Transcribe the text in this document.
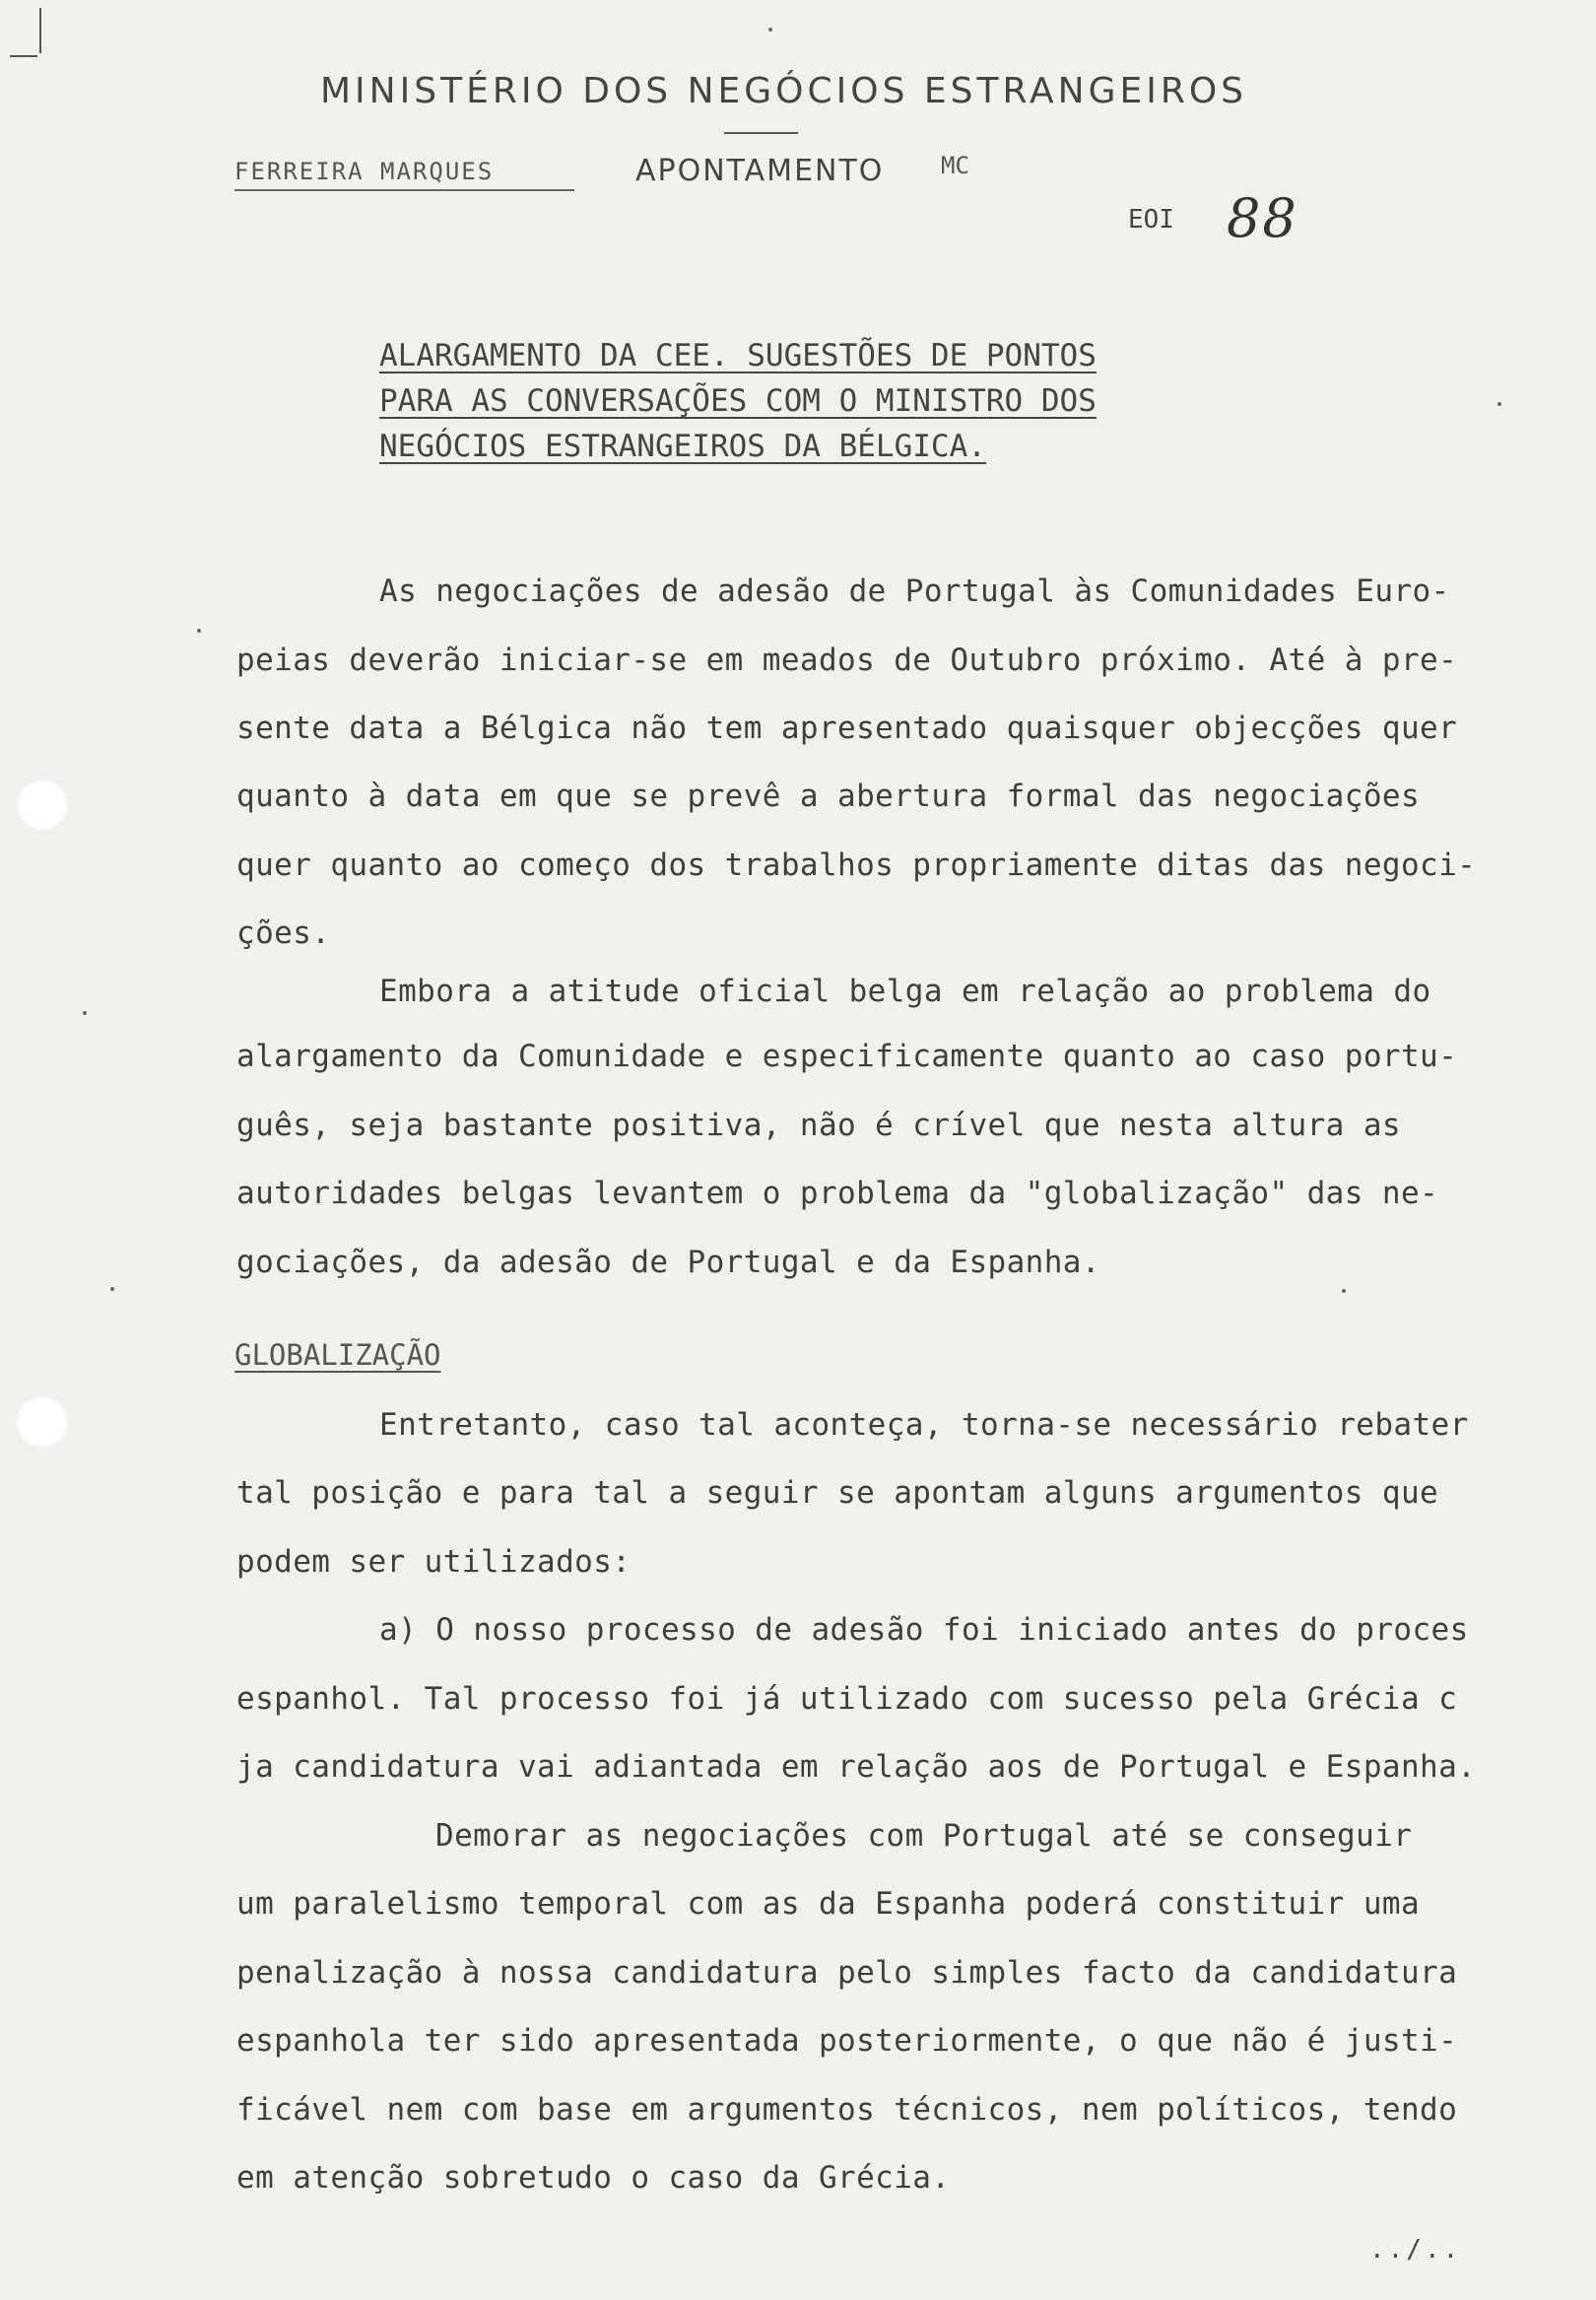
MINISTÉRIO DOS NEGÓCIOS ESTRANGEIROS
FERREIRA MARQUES	APONTAMENTO MC
EOI 88
ALARGAMENTO DA CEE. SUGESTÕES DE PONTOS
PARA AS CONVERSAÇÕES COM O MINISTRO DOS
NEGÓCIOS ESTRANGEIROS DA BÉLGICA.
As negociações de adesão de Portugal às Comunidades Euro-
peias deverão iniciar-se em meados de Outubro próximo. Até à pre-
sente data a Bélgica não tem apresentado quaisquer objecções quer
quanto à data em que se prevê a abertura formal das negociações
quer quanto ao começo dos trabalhos propriamente ditas das negoci-
ções.
Embora a atitude oficial belga em relação ao problema do
alargamento da Comunidade e especificamente quanto ao caso portu-
guês, seja bastante positiva, não é crível que nesta altura as
autoridades belgas levantem o problema da "globalização" das ne-
gociações, da adesão de Portugal e da Espanha.
GLOBALIZAÇÃO
Entretanto, caso tal aconteça, torna-se necessário rebater
tal posição e para tal a seguir se apontam alguns argumentos que
podem ser utilizados:
a) O nosso processo de adesão foi iniciado antes do proces
espanhol. Tal processo foi já utilizado com sucesso pela Grécia c
ja candidatura vai adiantada em relação aos de Portugal e Espanha.
Demorar as negociações com Portugal até se conseguir
um paralelismo temporal com as da Espanha poderá constituir uma
penalização à nossa candidatura pelo simples facto da candidatura
espanhola ter sido apresentada posteriormente, o que não é justi-
ficável nem com base em argumentos técnicos, nem políticos, tendo
em atenção sobretudo o caso da Grécia.
../..
